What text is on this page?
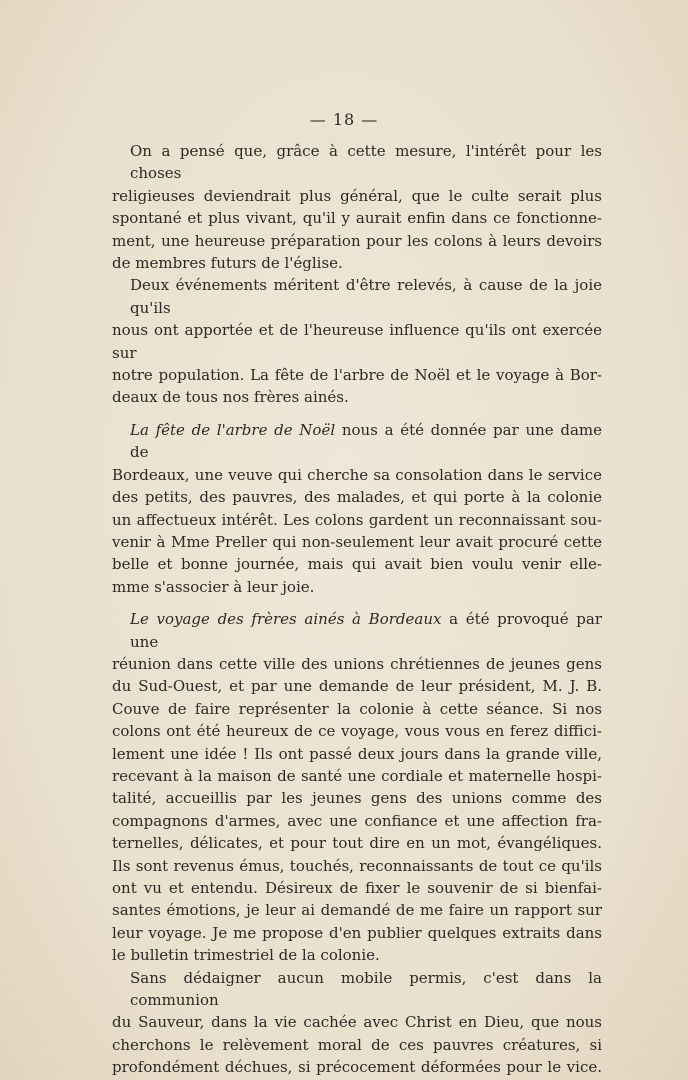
— 18 —

On a pensé que, grâce à cette mesure, l'intérêt pour les choses
religieuses deviendrait plus général, que le culte serait plus
spontané et plus vivant, qu'il y aurait enfin dans ce fonctionne-
ment, une heureuse préparation pour les colons à leurs devoirs
de membres futurs de l'église.

Deux événements méritent d'être relevés, à cause de la joie qu'ils
nous ont apportée et de l'heureuse influence qu'ils ont exercée sur
notre population. La fête de l'arbre de Noël et le voyage à Bor-
deaux de tous nos frères ainés.

La fête de l'arbre de Noël nous a été donnée par une dame de
Bordeaux, une veuve qui cherche sa consolation dans le service
des petits, des pauvres, des malades, et qui porte à la colonie
un affectueux intérêt. Les colons gardent un reconnaissant sou-
venir à Mme Preller qui non-seulement leur avait procuré cette
belle et bonne journée, mais qui avait bien voulu venir elle-
mme s'associer à leur joie.

Le voyage des frères ainés à Bordeaux a été provoqué par une
réunion dans cette ville des unions chrétiennes de jeunes gens
du Sud-Ouest, et par une demande de leur président, M. J. B.
Couve de faire représenter la colonie à cette séance. Si nos
colons ont été heureux de ce voyage, vous vous en ferez diffici-
lement une idée ! Ils ont passé deux jours dans la grande ville,
recevant à la maison de santé une cordiale et maternelle hospi-
talité, accueillis par les jeunes gens des unions comme des
compagnons d'armes, avec une confiance et une affection fra-
ternelles, délicates, et pour tout dire en un mot, évangéliques.
Ils sont revenus émus, touchés, reconnaissants de tout ce qu'ils
ont vu et entendu. Désireux de fixer le souvenir de si bienfai-
santes émotions, je leur ai demandé de me faire un rapport sur
leur voyage. Je me propose d'en publier quelques extraits dans
le bulletin trimestriel de la colonie.

Sans dédaigner aucun mobile permis, c'est dans la communion
du Sauveur, dans la vie cachée avec Christ en Dieu, que nous
cherchons le relèvement moral de ces pauvres créatures, si
profondément déchues, si précocement déformées pour le vice.
